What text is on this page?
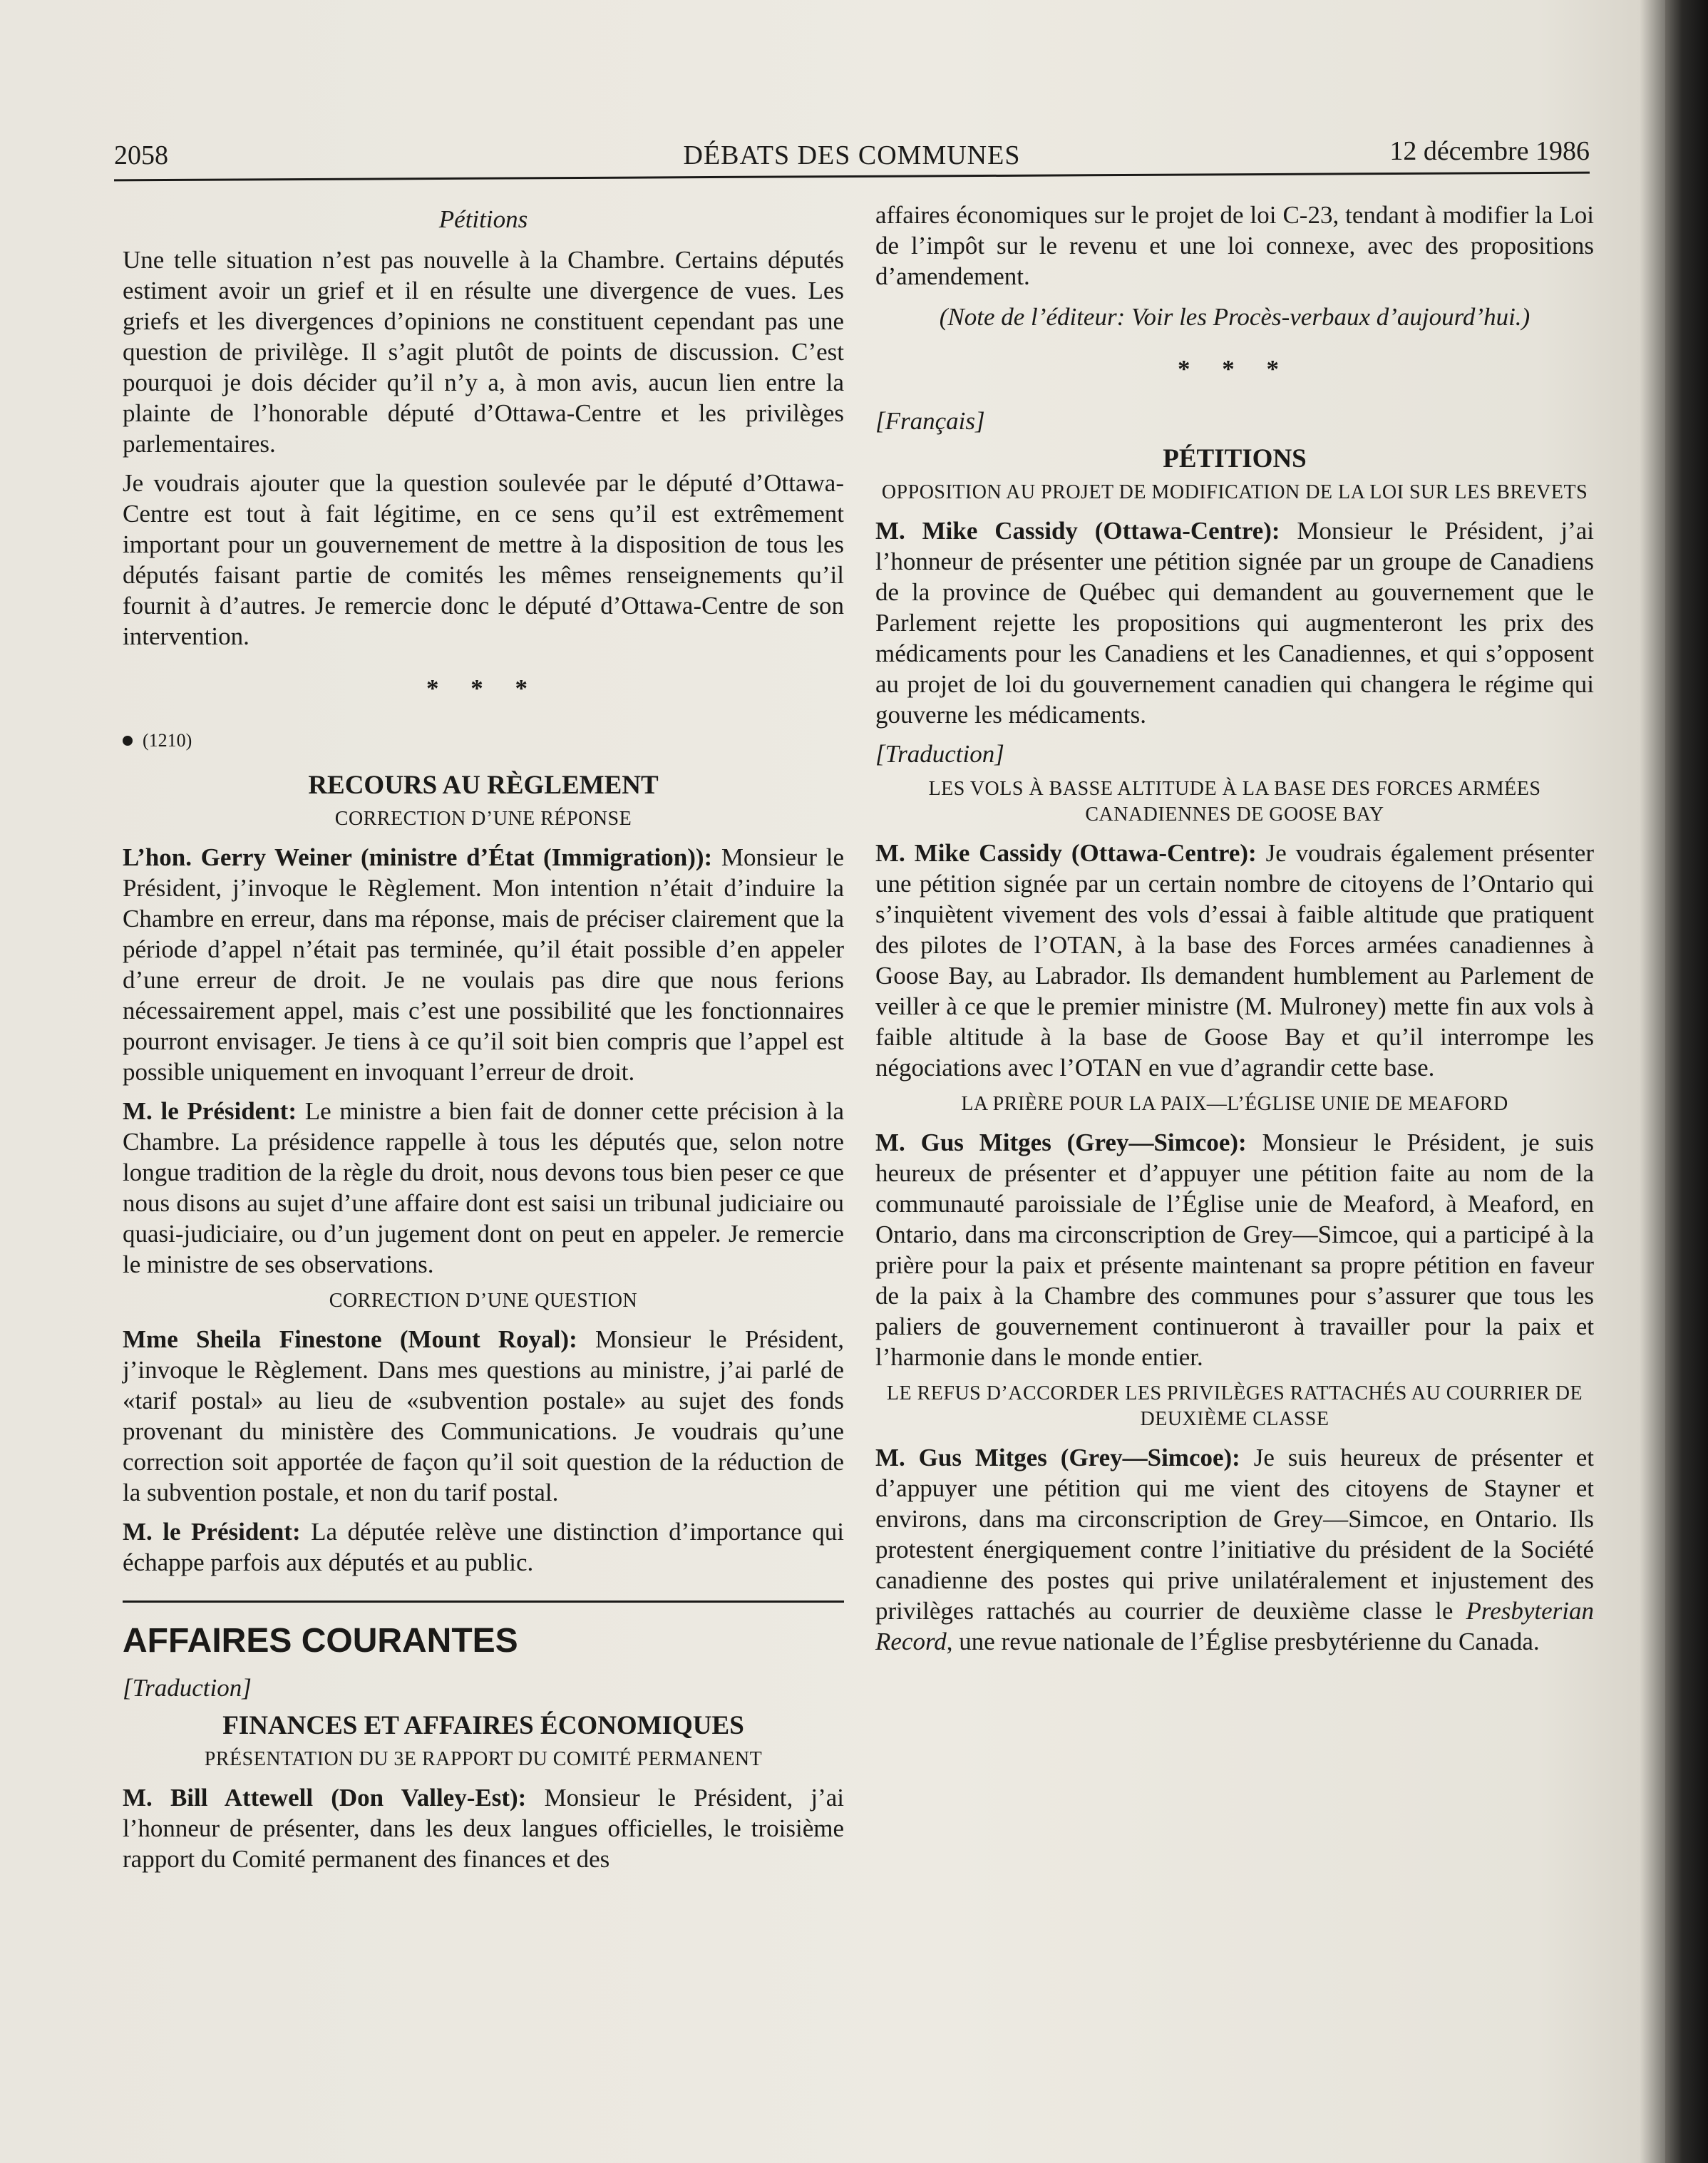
2058	DÉBATS DES COMMUNES	12 décembre 1986
Pétitions

Une telle situation n’est pas nouvelle à la Chambre. Certains députés estiment avoir un grief et il en résulte une divergence de vues. Les griefs et les divergences d’opinions ne constituent cependant pas une question de privilège. Il s’agit plutôt de points de discussion. C’est pourquoi je dois décider qu’il n’y a, à mon avis, aucun lien entre la plainte de l’honorable député d’Ottawa-Centre et les privilèges parlementaires.

Je voudrais ajouter que la question soulevée par le député d’Ottawa-Centre est tout à fait légitime, en ce sens qu’il est extrêmement important pour un gouvernement de mettre à la disposition de tous les députés faisant partie de comités les mêmes renseignements qu’il fournit à d’autres. Je remercie donc le député d’Ottawa-Centre de son intervention.

* * *
(1210)
RECOURS AU RÈGLEMENT
CORRECTION D’UNE RÉPONSE

L’hon. Gerry Weiner (ministre d’État (Immigration)): Monsieur le Président, j’invoque le Règlement. Mon intention n’était d’induire la Chambre en erreur, dans ma réponse, mais de préciser clairement que la période d’appel n’était pas terminée, qu’il était possible d’en appeler d’une erreur de droit. Je ne voulais pas dire que nous ferions nécessairement appel, mais c’est une possibilité que les fonctionnaires pourront envisager. Je tiens à ce qu’il soit bien compris que l’appel est possible uniquement en invoquant l’erreur de droit.

M. le Président: Le ministre a bien fait de donner cette précision à la Chambre. La présidence rappelle à tous les députés que, selon notre longue tradition de la règle du droit, nous devons tous bien peser ce que nous disons au sujet d’une affaire dont est saisi un tribunal judiciaire ou quasi-judiciaire, ou d’un jugement dont on peut en appeler. Je remercie le ministre de ses observations.

CORRECTION D’UNE QUESTION

Mme Sheila Finestone (Mount Royal): Monsieur le Président, j’invoque le Règlement. Dans mes questions au ministre, j’ai parlé de «tarif postal» au lieu de «subvention postale» au sujet des fonds provenant du ministère des Communications. Je voudrais qu’une correction soit apportée de façon qu’il soit question de la réduction de la subvention postale, et non du tarif postal.

M. le Président: La députée relève une distinction d’importance qui échappe parfois aux députés et au public.

AFFAIRES COURANTES
[Traduction]
FINANCES ET AFFAIRES ÉCONOMIQUES
PRÉSENTATION DU 3E RAPPORT DU COMITÉ PERMANENT

M. Bill Attewell (Don Valley-Est): Monsieur le Président, j’ai l’honneur de présenter, dans les deux langues officielles, le troisième rapport du Comité permanent des finances et des

affaires économiques sur le projet de loi C-23, tendant à modifier la Loi de l’impôt sur le revenu et une loi connexe, avec des propositions d’amendement.

(Note de l’éditeur: Voir les Procès-verbaux d’aujourd’hui.)
* * *
[Français]
PÉTITIONS
OPPOSITION AU PROJET DE MODIFICATION DE LA LOI SUR LES BREVETS

M. Mike Cassidy (Ottawa-Centre): Monsieur le Président, j’ai l’honneur de présenter une pétition signée par un groupe de Canadiens de la province de Québec qui demandent au gouvernement que le Parlement rejette les propositions qui augmenteront les prix des médicaments pour les Canadiens et les Canadiennes, et qui s’opposent au projet de loi du gouvernement canadien qui changera le régime qui gouverne les médicaments.

[Traduction]
LES VOLS À BASSE ALTITUDE À LA BASE DES FORCES ARMÉES CANADIENNES DE GOOSE BAY

M. Mike Cassidy (Ottawa-Centre): Je voudrais également présenter une pétition signée par un certain nombre de citoyens de l’Ontario qui s’inquiètent vivement des vols d’essai à faible altitude que pratiquent des pilotes de l’OTAN, à la base des Forces armées canadiennes à Goose Bay, au Labrador. Ils demandent humblement au Parlement de veiller à ce que le premier ministre (M. Mulroney) mette fin aux vols à faible altitude à la base de Goose Bay et qu’il interrompe les négociations avec l’OTAN en vue d’agrandir cette base.

LA PRIÈRE POUR LA PAIX—L’ÉGLISE UNIE DE MEAFORD

M. Gus Mitges (Grey—Simcoe): Monsieur le Président, je suis heureux de présenter et d’appuyer une pétition faite au nom de la communauté paroissiale de l’Église unie de Meaford, à Meaford, en Ontario, dans ma circonscription de Grey—Simcoe, qui a participé à la prière pour la paix et présente maintenant sa propre pétition en faveur de la paix à la Chambre des communes pour s’assurer que tous les paliers de gouvernement continueront à travailler pour la paix et l’harmonie dans le monde entier.

LE REFUS D’ACCORDER LES PRIVILÈGES RATTACHÉS AU COURRIER DE DEUXIÈME CLASSE

M. Gus Mitges (Grey—Simcoe): Je suis heureux de présenter et d’appuyer une pétition qui me vient des citoyens de Stayner et environs, dans ma circonscription de Grey—Simcoe, en Ontario. Ils protestent énergiquement contre l’initiative du président de la Société canadienne des postes qui prive unilatéralement et injustement des privilèges rattachés au courrier de deuxième classe le Presbyterian Record, une revue nationale de l’Église presbytérienne du Canada.
